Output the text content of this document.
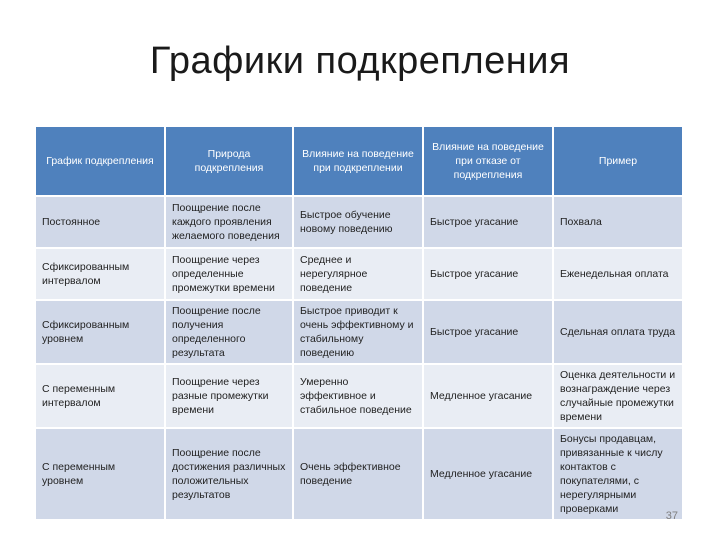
Графики подкрепления
График подкрепления	Природа подкрепления	Влияние на поведение при подкреплении	Влияние на поведение при отказе от подкрепления	Пример
Постоянное	Поощрение после каждого проявления желаемого поведения	Быстрое обучение новому поведению	Быстрое угасание	Похвала
Сфиксированным интервалом	Поощрение через определенные промежутки времени	Среднее и нерегулярное поведение	Быстрое угасание	Еженедельная оплата
Сфиксированным уровнем	Поощрение после получения определенного результата	Быстрое приводит к очень эффективному и стабильному поведению	Быстрое угасание	Сдельная оплата труда
С переменным интервалом	Поощрение через разные промежутки времени	Умеренно эффективное и стабильное поведение	Медленное угасание	Оценка деятельности и вознаграждение через случайные промежутки времени
С переменным уровнем	Поощрение после достижения различных положительных результатов	Очень эффективное поведение	Медленное угасание	Бонусы продавцам, привязанные к числу контактов с покупателями, с нерегулярными проверками
37
